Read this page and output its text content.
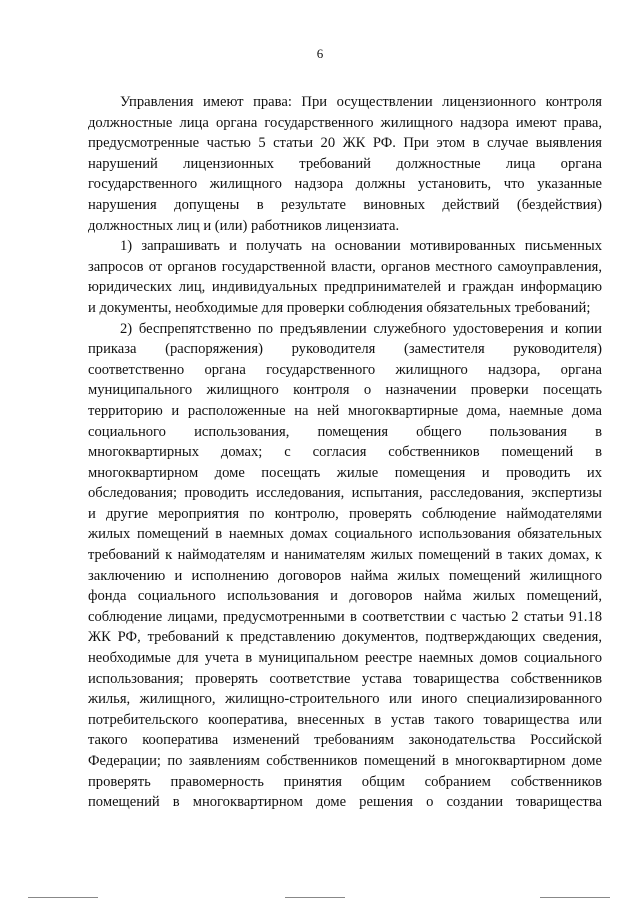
6
Управления имеют права: При осуществлении лицензионного контроля
должностные лица органа государственного жилищного надзора имеют права,
предусмотренные частью 5 статьи 20 ЖК РФ. При этом в случае выявления
нарушений лицензионных требований должностные лица органа
государственного жилищного надзора должны установить, что указанные
нарушения допущены в результате виновных действий (бездействия)
должностных лиц и (или) работников лицензиата.
1) запрашивать и получать на основании мотивированных письменных
запросов от органов государственной власти, органов местного самоуправления,
юридических лиц, индивидуальных предпринимателей и граждан информацию
и документы, необходимые для проверки соблюдения обязательных требований;
2) беспрепятственно по предъявлении служебного удостоверения и копии
приказа (распоряжения) руководителя (заместителя руководителя)
соответственно органа государственного жилищного надзора, органа
муниципального жилищного контроля о назначении проверки посещать
территорию и расположенные на ней многоквартирные дома, наемные дома
социального использования, помещения общего пользования в
многоквартирных домах; с согласия собственников помещений в
многоквартирном доме посещать жилые помещения и проводить их
обследования; проводить исследования, испытания, расследования, экспертизы
и другие мероприятия по контролю, проверять соблюдение наймодателями
жилых помещений в наемных домах социального использования обязательных
требований к наймодателям и нанимателям жилых помещений в таких домах, к
заключению и исполнению договоров найма жилых помещений жилищного
фонда социального использования и договоров найма жилых помещений,
соблюдение лицами, предусмотренными в соответствии с частью 2 статьи 91.18
ЖК РФ, требований к представлению документов, подтверждающих сведения,
необходимые для учета в муниципальном реестре наемных домов социального
использования; проверять соответствие устава товарищества собственников
жилья, жилищного, жилищно-строительного или иного специализированного
потребительского кооператива, внесенных в устав такого товарищества или
такого кооператива изменений требованиям законодательства Российской
Федерации; по заявлениям собственников помещений в многоквартирном доме
проверять правомерность принятия общим собранием собственников
помещений в многоквартирном доме решения о создании товарищества
